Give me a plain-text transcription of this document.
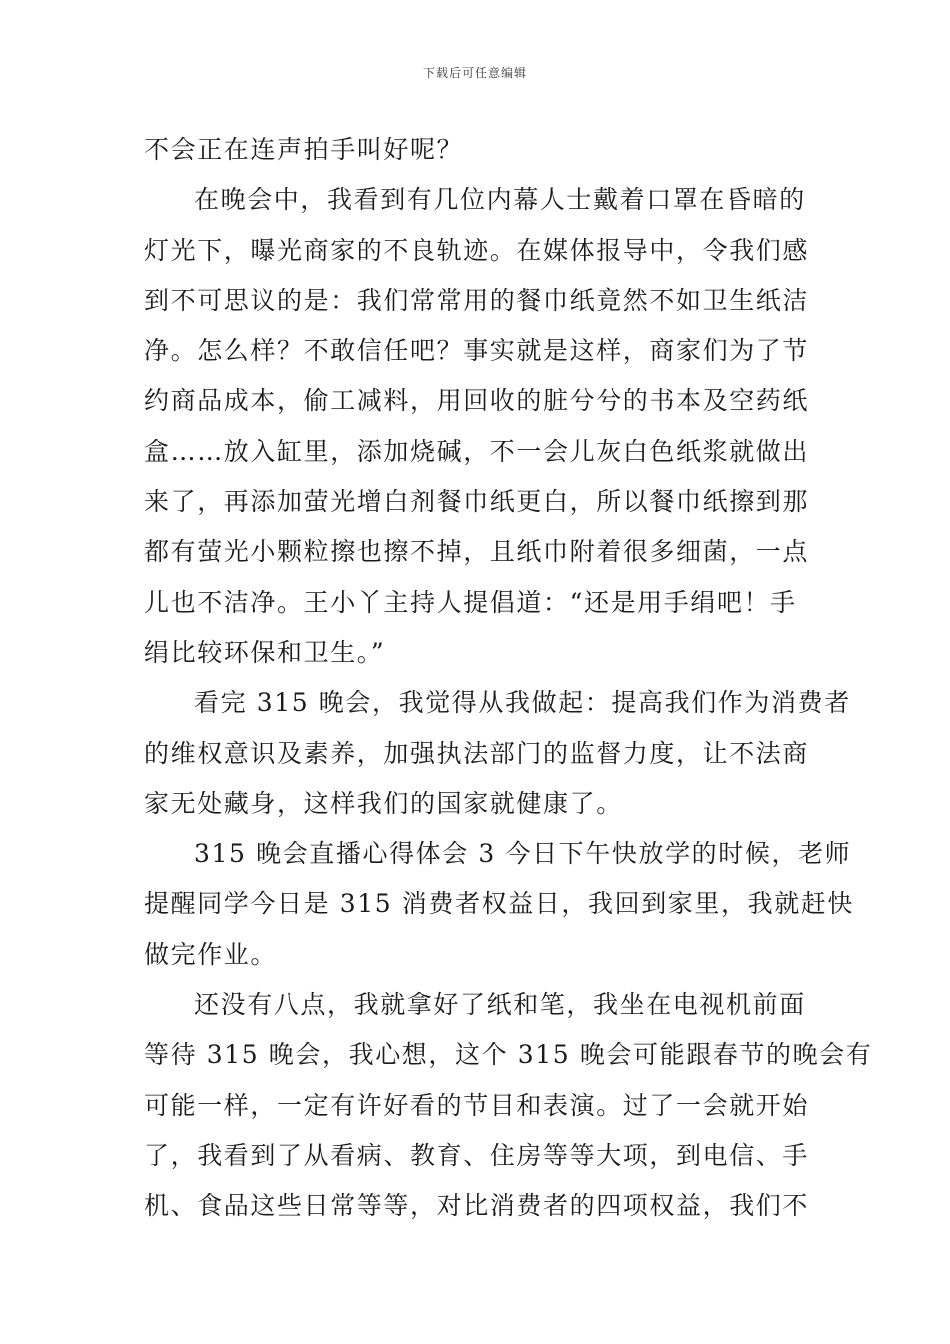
下载后可任意编辑
不会正在连声拍手叫好呢？
在晚会中，我看到有几位内幕人士戴着口罩在昏暗的
灯光下，曝光商家的不良轨迹。在媒体报导中，令我们感
到不可思议的是：我们常常用的餐巾纸竟然不如卫生纸洁
净。怎么样？不敢信任吧？事实就是这样，商家们为了节
约商品成本，偷工减料，用回收的脏兮兮的书本及空药纸
盒……放入缸里，添加烧碱，不一会儿灰白色纸浆就做出
来了，再添加萤光增白剂餐巾纸更白，所以餐巾纸擦到那
都有萤光小颗粒擦也擦不掉，且纸巾附着很多细菌，一点
儿也不洁净。王小丫主持人提倡道：“还是用手绢吧！手
绢比较环保和卫生。”
看完 315 晚会，我觉得从我做起：提高我们作为消费者
的维权意识及素养，加强执法部门的监督力度，让不法商
家无处藏身，这样我们的国家就健康了。
315 晚会直播心得体会 3 今日下午快放学的时候，老师
提醒同学今日是 315 消费者权益日，我回到家里，我就赶快
做完作业。
还没有八点，我就拿好了纸和笔，我坐在电视机前面
等待 315 晚会，我心想，这个 315 晚会可能跟春节的晚会有
可能一样，一定有许好看的节目和表演。过了一会就开始
了，我看到了从看病、教育、住房等等大项，到电信、手
机、食品这些日常等等，对比消费者的四项权益，我们不
